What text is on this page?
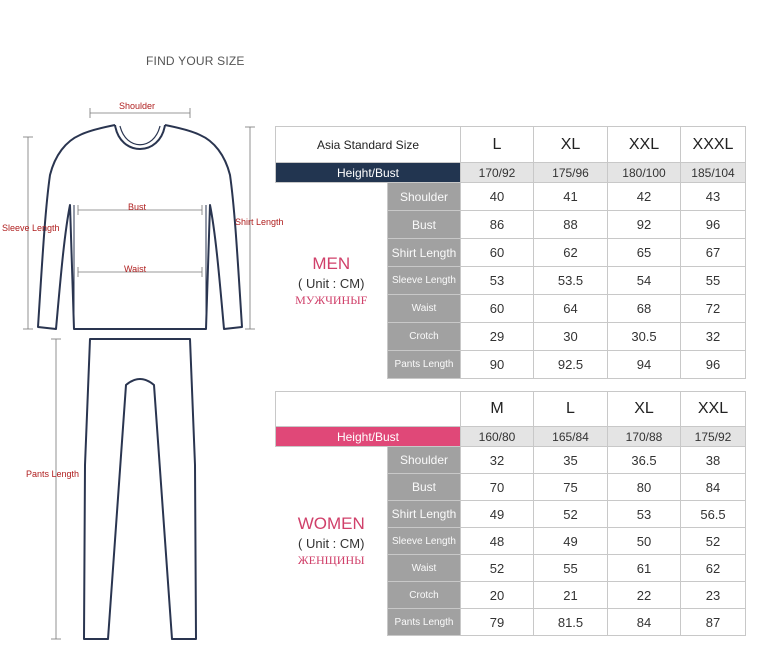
FIND YOUR SIZE
Shoulder
Bust
Waist
Sleeve Length
Shirt Length
Pants Length
Asia Standard Size		L	XL	XXL	XXXL
Height/Bust		170/92	175/96	180/100	185/104

MEN
( Unit : CM)
МУЖЧИНЫF	Shoulder	40	41	42	43
	Bust	86	88	92	96
	Shirt Length	60	62	65	67
	Sleeve Length	53	53.5	54	55
	Waist	60	64	68	72
	Crotch	29	30	30.5	32
	Pants Length	90	92.5	94	96
		M	L	XL	XXL
Height/Bust		160/80	165/84	170/88	175/92

WOMEN
( Unit : CM)
ЖЕНЩИНЫ	Shoulder	32	35	36.5	38
	Bust	70	75	80	84
	Shirt Length	49	52	53	56.5
	Sleeve Length	48	49	50	52
	Waist	52	55	61	62
	Crotch	20	21	22	23
	Pants Length	79	81.5	84	87
